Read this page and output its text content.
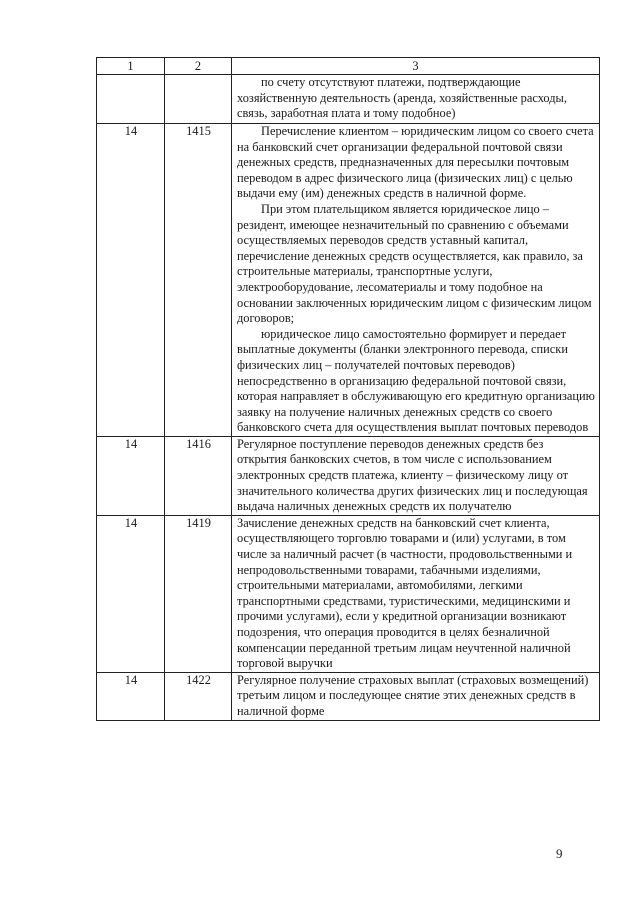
1	2	3

		по счету отсутствуют платежи, подтверждающие хозяйственную деятельность (аренда, хозяйственные расходы, связь, заработная плата и тому подобное)

14	1415	Перечисление клиентом – юридическим лицом со своего счета на банковский счет организации федеральной почтовой связи денежных средств, предназначенных для пересылки почтовым переводом в адрес физического лица (физических лиц) с целью выдачи ему (им) денежных средств в наличной форме.

При этом плательщиком является юридическое лицо – резидент, имеющее незначительный по сравнению с объемами осуществляемых переводов средств уставный капитал, перечисление денежных средств осуществляется, как правило, за строительные материалы, транспортные услуги, электрооборудование, лесоматериалы и тому подобное на основании заключенных юридическим лицом с физическим лицом договоров;

юридическое лицо самостоятельно формирует и передает выплатные документы (бланки электронного перевода, списки физических лиц – получателей почтовых переводов) непосредственно в организацию федеральной почтовой связи, которая направляет в обслуживающую его кредитную организацию заявку на получение наличных денежных средств со своего банковского счета для осуществления выплат почтовых переводов

14	1416	Регулярное поступление переводов денежных средств без открытия банковских счетов, в том числе с использованием электронных средств платежа, клиенту – физическому лицу от значительного количества других физических лиц и последующая выдача наличных денежных средств их получателю

14	1419	Зачисление денежных средств на банковский счет клиента, осуществляющего торговлю товарами и (или) услугами, в том числе за наличный расчет (в частности, продовольственными и непродовольственными товарами, табачными изделиями, строительными материалами, автомобилями, легкими транспортными средствами, туристическими, медицинскими и прочими услугами), если у кредитной организации возникают подозрения, что операция проводится в целях безналичной компенсации переданной третьим лицам неучтенной наличной торговой выручки

14	1422	Регулярное получение страховых выплат (страховых возмещений) третьим лицом и последующее снятие этих денежных средств в наличной форме

9
